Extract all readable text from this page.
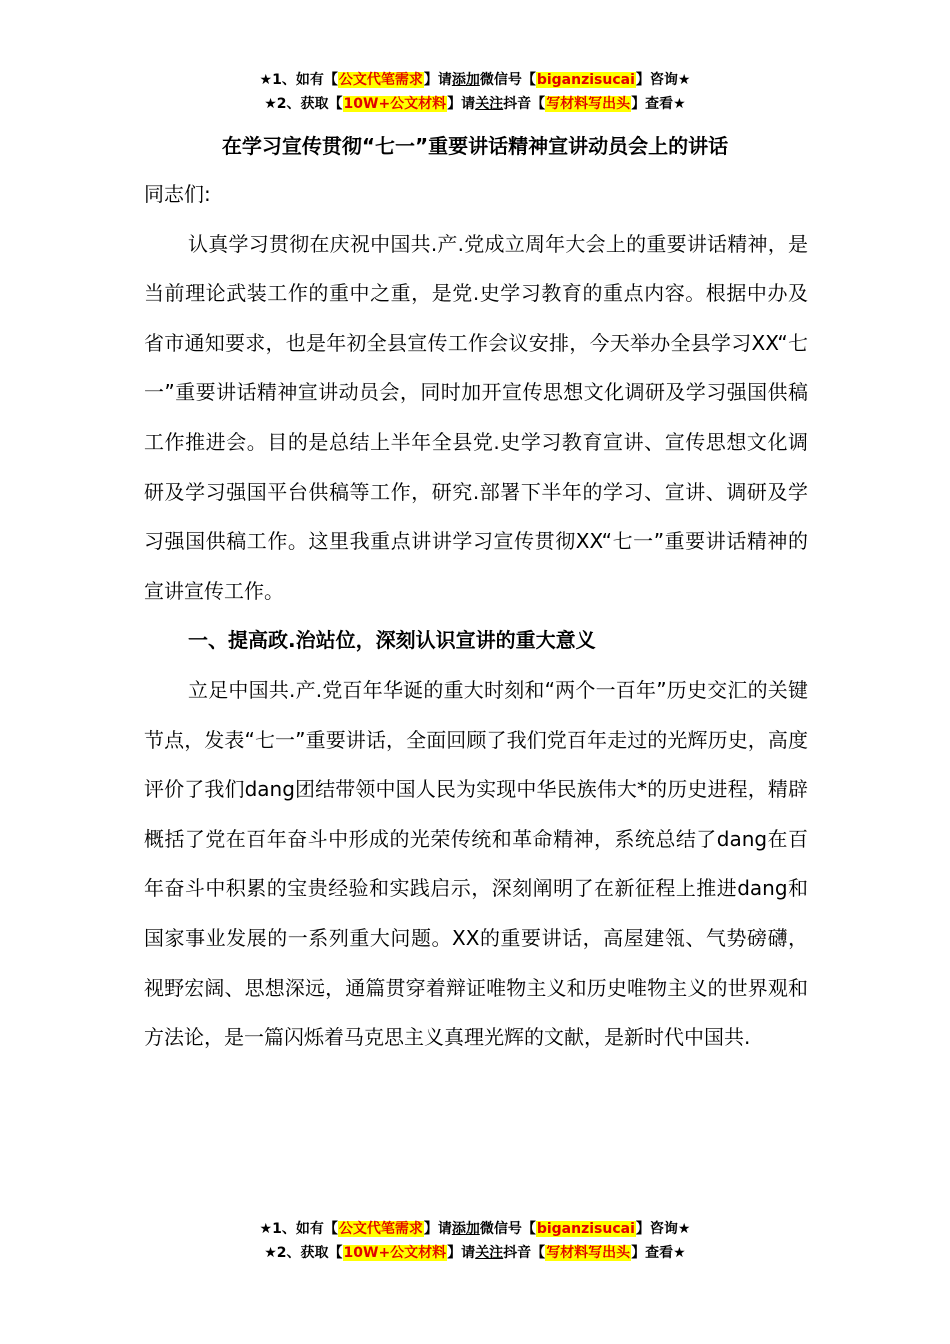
★1、如有【公文代笔需求】请添加微信号【biganzisucai】咨询★
★2、获取【10W+公文材料】请关注抖音【写材料写出头】查看★
在学习宣传贯彻“七一”重要讲话精神宣讲动员会上的讲话

同志们:

认真学习贯彻在庆祝中国共.产.党成立周年大会上的重要讲话精神，是当前理论武装工作的重中之重，是党.史学习教育的重点内容。根据中办及省市通知要求，也是年初全县宣传工作会议安排，今天举办全县学习XX“七一”重要讲话精神宣讲动员会，同时加开宣传思想文化调研及学习强国供稿工作推进会。目的是总结上半年全县党.史学习教育宣讲、宣传思想文化调研及学习强国平台供稿等工作，研究.部署下半年的学习、宣讲、调研及学习强国供稿工作。这里我重点讲讲学习宣传贯彻XX“七一”重要讲话精神的宣讲宣传工作。

一、提高政.治站位，深刻认识宣讲的重大意义

立足中国共.产.党百年华诞的重大时刻和“两个一百年”历史交汇的关键节点，发表“七一”重要讲话，全面回顾了我们党百年走过的光辉历史，高度评价了我们dang团结带领中国人民为实现中华民族伟大*的历史进程，精辟概括了党在百年奋斗中形成的光荣传统和革命精神，系统总结了dang在百年奋斗中积累的宝贵经验和实践启示，深刻阐明了在新征程上推进dang和国家事业发展的一系列重大问题。XX的重要讲话，高屋建瓴、气势磅礴，视野宏阔、思想深远，通篇贯穿着辩证唯物主义和历史唯物主义的世界观和方法论，是一篇闪烁着马克思主义真理光辉的文献，是新时代中国共.

★1、如有【公文代笔需求】请添加微信号【biganzisucai】咨询★
★2、获取【10W+公文材料】请关注抖音【写材料写出头】查看★
